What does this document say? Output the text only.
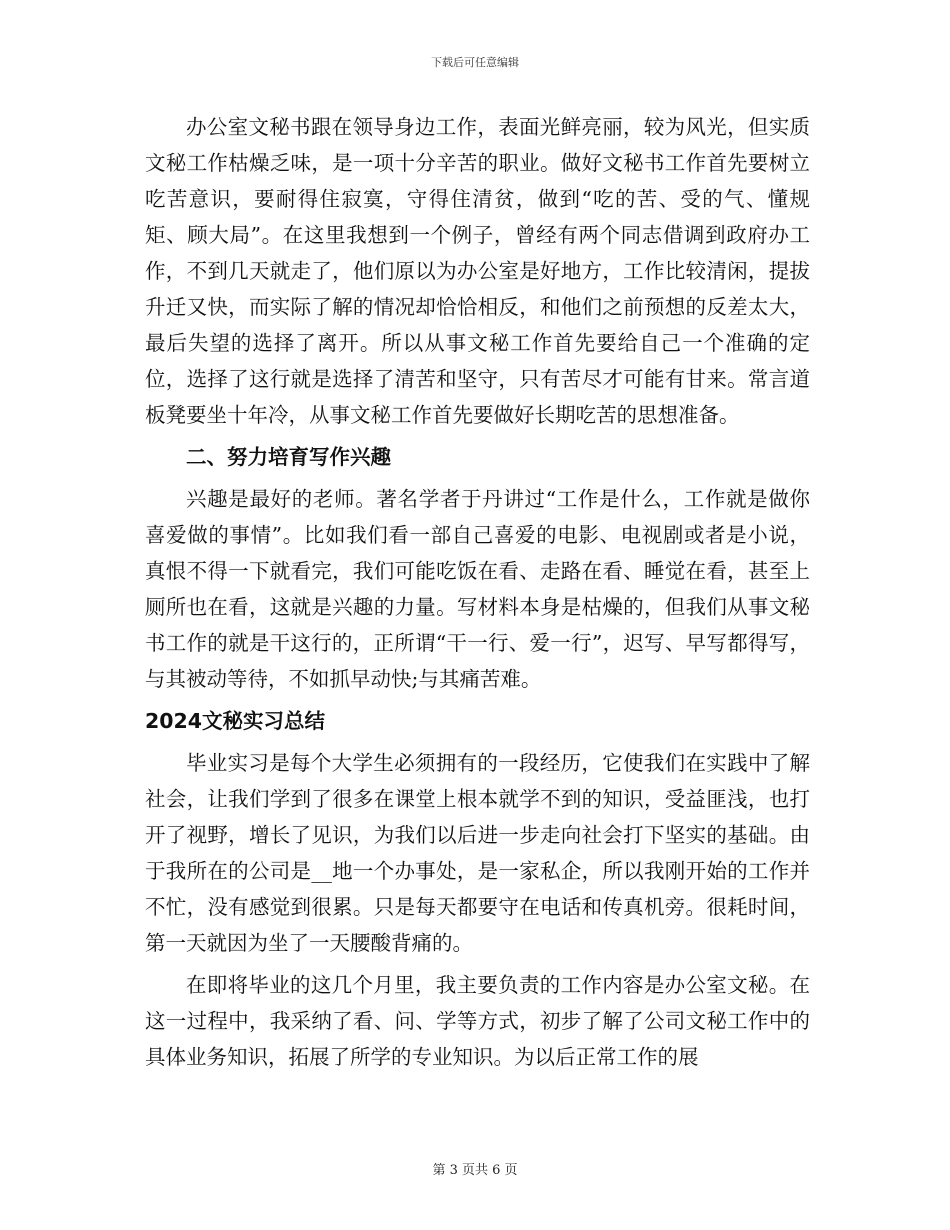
下载后可任意编辑

办公室文秘书跟在领导身边工作，表面光鲜亮丽，较为风光，但实质文秘工作枯燥乏味，是一项十分辛苦的职业。做好文秘书工作首先要树立吃苦意识，要耐得住寂寞，守得住清贫，做到“吃的苦、受的气、懂规矩、顾大局”。在这里我想到一个例子，曾经有两个同志借调到政府办工作，不到几天就走了，他们原以为办公室是好地方，工作比较清闲，提拔升迁又快，而实际了解的情况却恰恰相反，和他们之前预想的反差太大，最后失望的选择了离开。所以从事文秘工作首先要给自己一个准确的定位，选择了这行就是选择了清苦和坚守，只有苦尽才可能有甘来。常言道板凳要坐十年冷，从事文秘工作首先要做好长期吃苦的思想准备。

二、努力培育写作兴趣

兴趣是最好的老师。著名学者于丹讲过“工作是什么，工作就是做你喜爱做的事情”。比如我们看一部自己喜爱的电影、电视剧或者是小说，真恨不得一下就看完，我们可能吃饭在看、走路在看、睡觉在看，甚至上厕所也在看，这就是兴趣的力量。写材料本身是枯燥的，但我们从事文秘书工作的就是干这行的，正所谓“干一行、爱一行”，迟写、早写都得写，与其被动等待，不如抓早动快;与其痛苦难。

2024文秘实习总结

毕业实习是每个大学生必须拥有的一段经历，它使我们在实践中了解社会，让我们学到了很多在课堂上根本就学不到的知识，受益匪浅，也打开了视野，增长了见识，为我们以后进一步走向社会打下坚实的基础。由于我所在的公司是__地一个办事处，是一家私企，所以我刚开始的工作并不忙，没有感觉到很累。只是每天都要守在电话和传真机旁。很耗时间，第一天就因为坐了一天腰酸背痛的。

在即将毕业的这几个月里，我主要负责的工作内容是办公室文秘。在这一过程中，我采纳了看、问、学等方式，初步了解了公司文秘工作中的具体业务知识，拓展了所学的专业知识。为以后正常工作的展

第 3 页共 6 页
